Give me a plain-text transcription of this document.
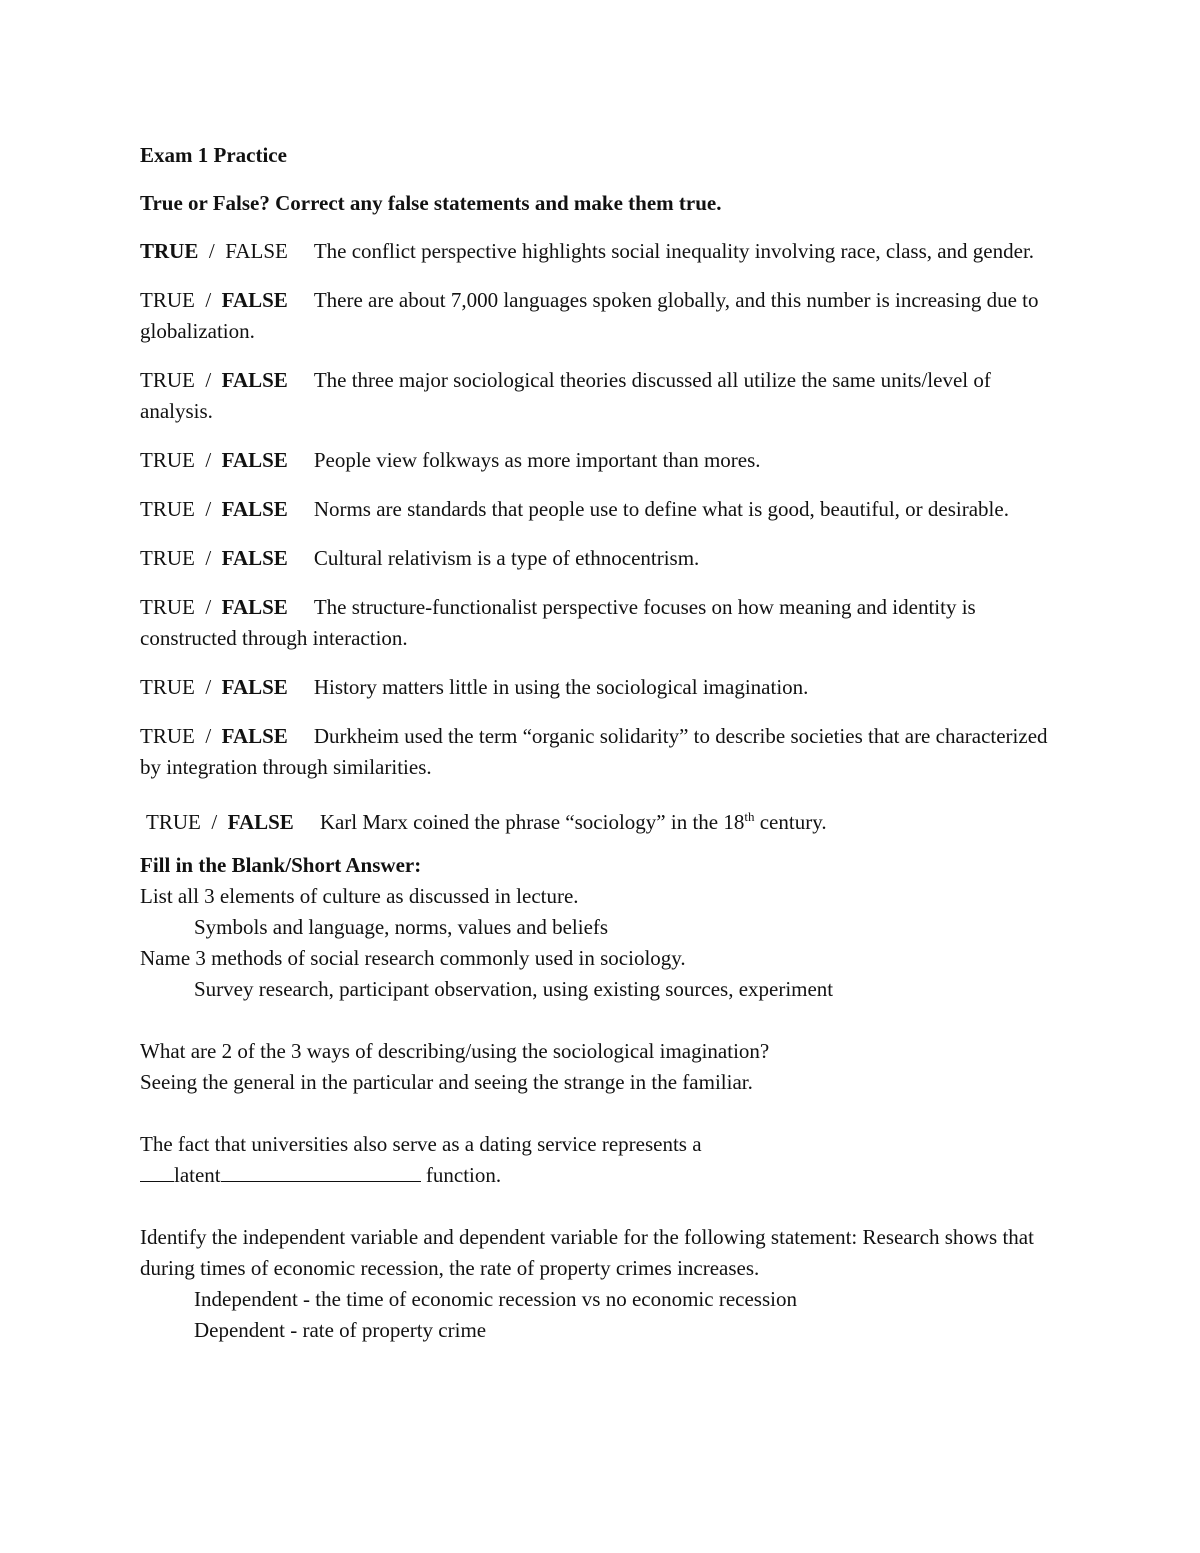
Exam 1 Practice

True or False? Correct any false statements and make them true.

TRUE  /  FALSE The conflict perspective highlights social inequality involving race, class, and gender.
TRUE  /  FALSE There are about 7,000 languages spoken globally, and this number is increasing due to globalization.
TRUE  /  FALSE The three major sociological theories discussed all utilize the same units/level of analysis.
TRUE  /  FALSE People view folkways as more important than mores.
TRUE  /  FALSE Norms are standards that people use to define what is good, beautiful, or desirable.
TRUE  /  FALSE Cultural relativism is a type of ethnocentrism.
TRUE  /  FALSE The structure-functionalist perspective focuses on how meaning and identity is constructed through interaction.
TRUE  /  FALSE History matters little in using the sociological imagination.
TRUE  /  FALSE Durkheim used the term “organic solidarity” to describe societies that are characterized by integration through similarities.
TRUE / FALSE Karl Marx coined the phrase “sociology” in the 18th century.

Fill in the Blank/Short Answer:

List all 3 elements of culture as discussed in lecture.

Symbols and language, norms, values and beliefs

Name 3 methods of social research commonly used in sociology.

Survey research, participant observation, using existing sources, experiment

What are 2 of the 3 ways of describing/using the sociological imagination?

Seeing the general in the particular and seeing the strange in the familiar.

The fact that universities also serve as a dating service represents a

latent	function.

Identify the independent variable and dependent variable for the following statement: Research shows that during times of economic recession, the rate of property crimes increases.

Independent - the time of economic recession vs no economic recession

Dependent - rate of property crime
